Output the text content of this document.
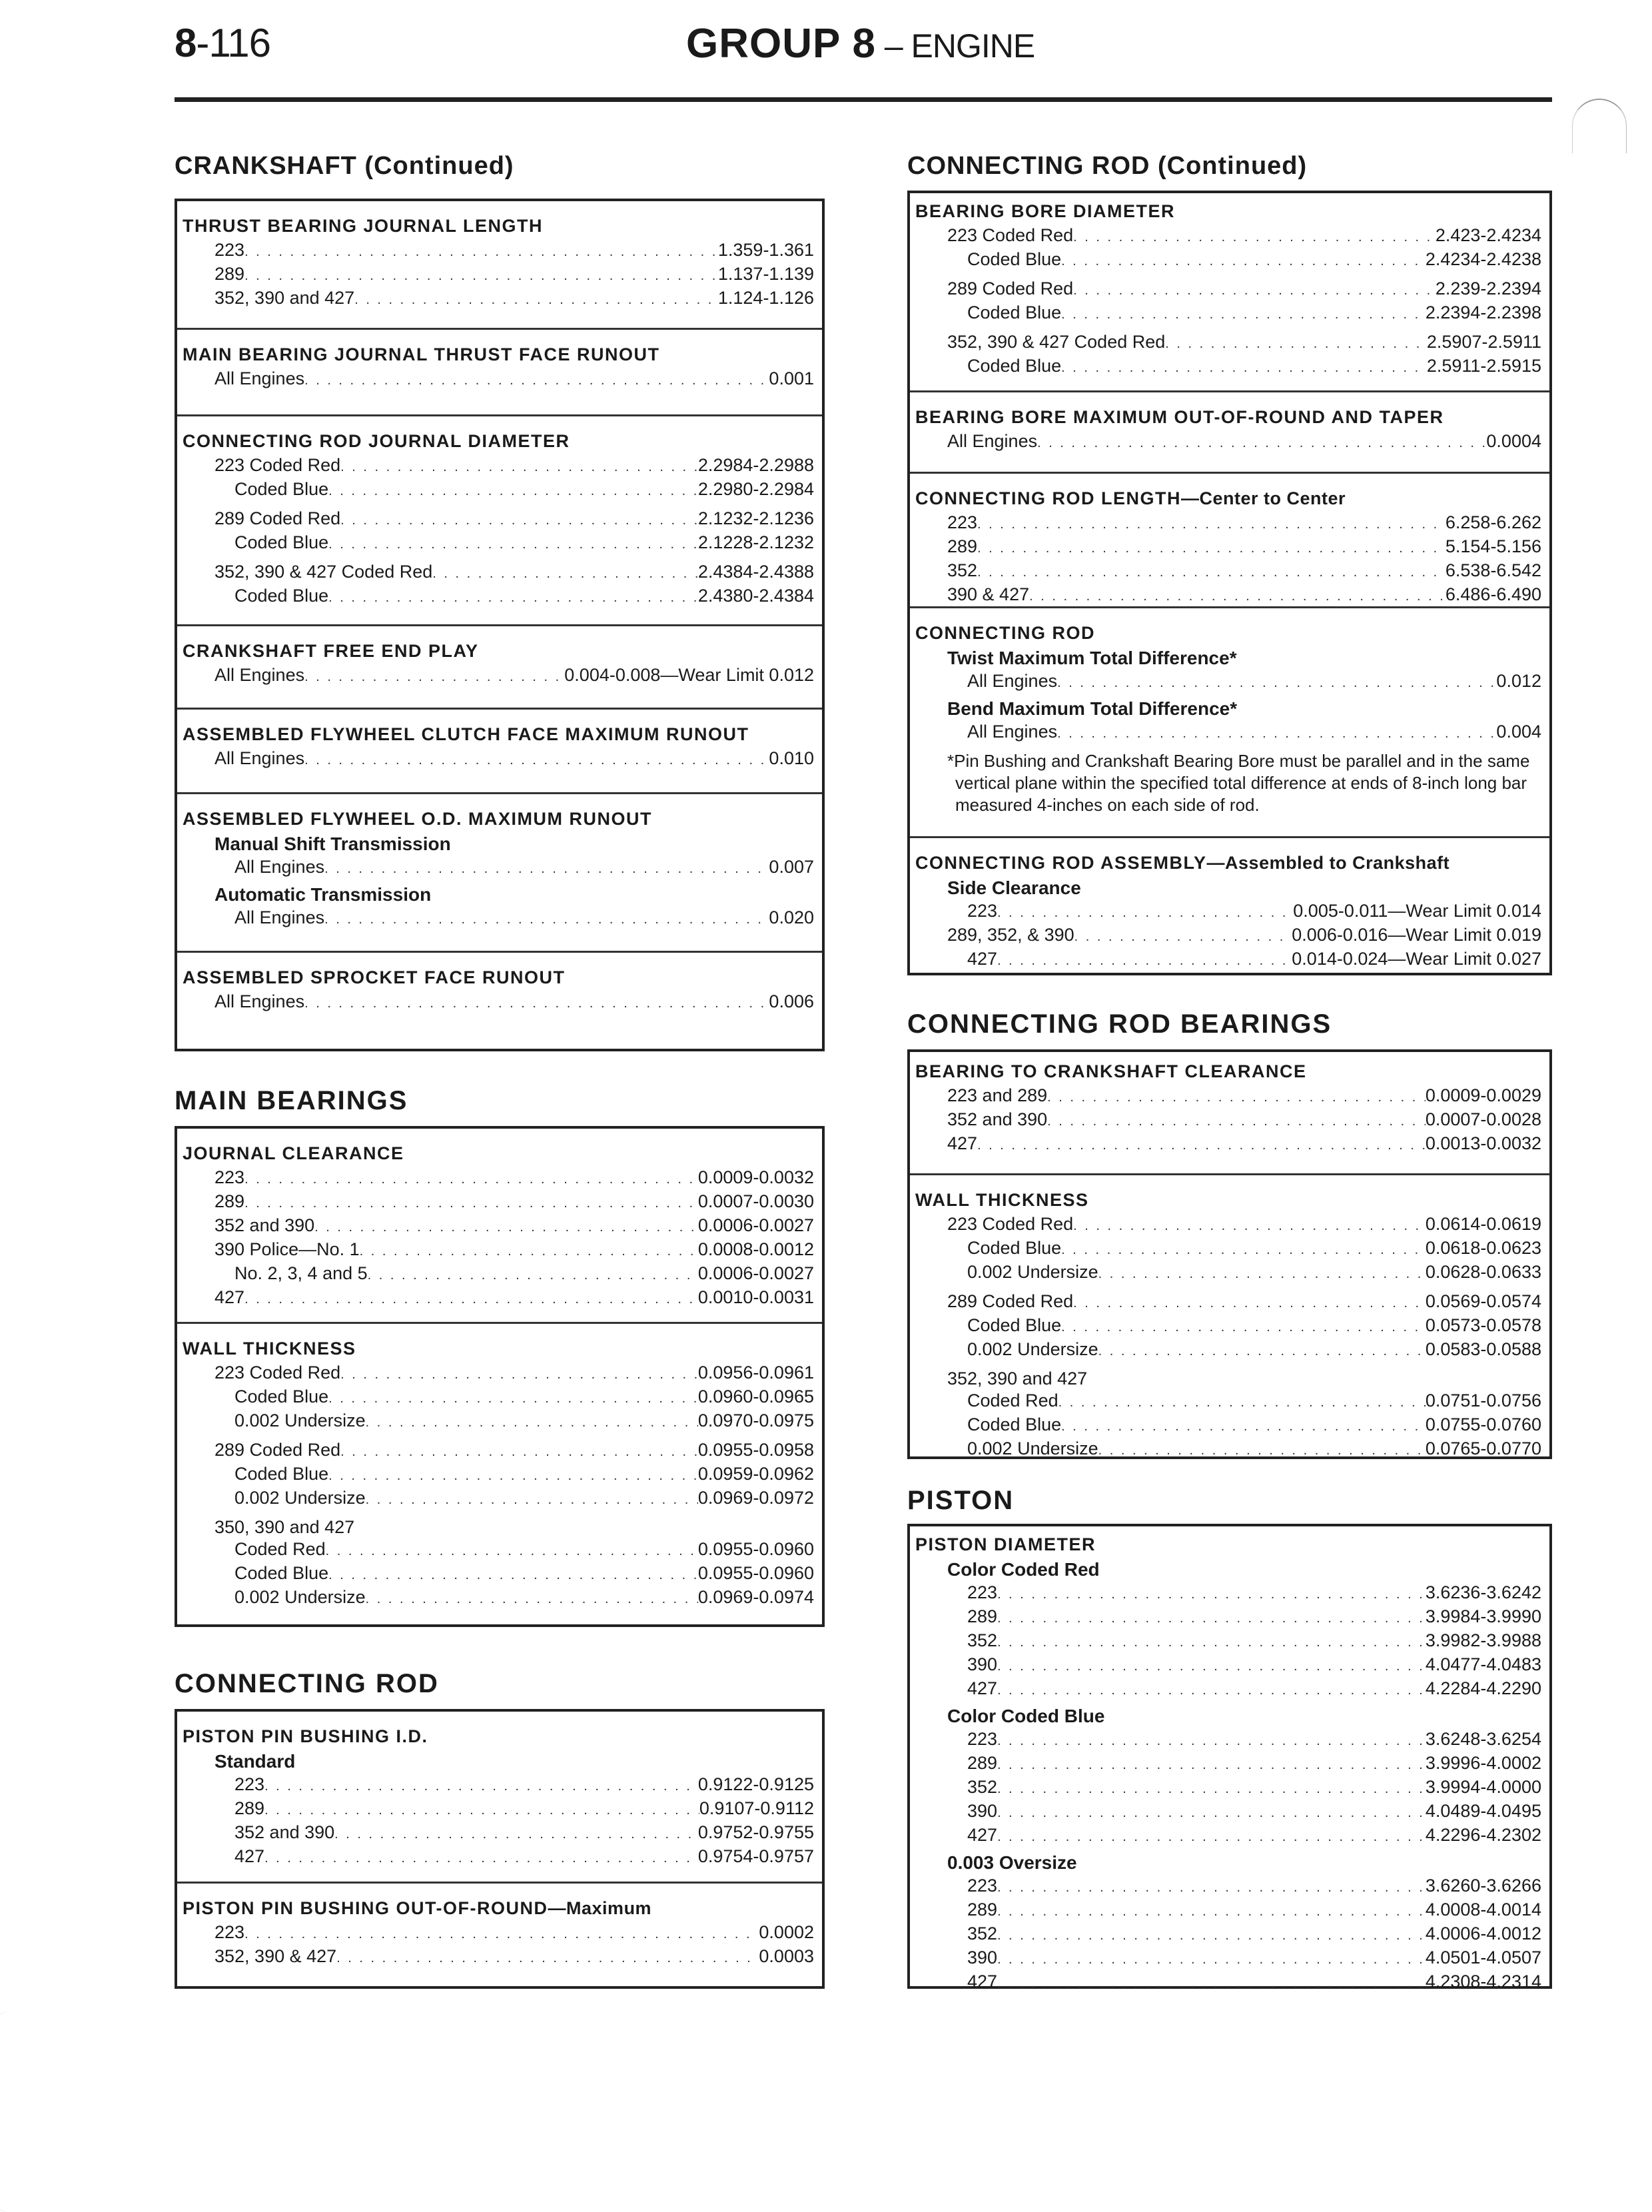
8-116	GROUP 8 – ENGINE
CRANKSHAFT (Continued)
THRUST BEARING JOURNAL LENGTH
223 . . .	1.359-1.361
289 . . .	1.137-1.139
352, 390 and 427 . . .	1.124-1.126
MAIN BEARING JOURNAL THRUST FACE RUNOUT
All Engines . . .	0.001
CONNECTING ROD JOURNAL DIAMETER
223 Coded Red . . .	2.2984-2.2988
Coded Blue . . .	2.2980-2.2984
289 Coded Red . . .	2.1232-2.1236
Coded Blue . . .	2.1228-2.1232
352, 390 & 427 Coded Red . . .	2.4384-2.4388
Coded Blue . . .	2.4380-2.4384
CRANKSHAFT FREE END PLAY
All Engines . . .	0.004-0.008—Wear Limit 0.012
ASSEMBLED FLYWHEEL CLUTCH FACE MAXIMUM RUNOUT
All Engines . . .	0.010
ASSEMBLED FLYWHEEL O.D. MAXIMUM RUNOUT
Manual Shift Transmission
All Engines . . .	0.007
Automatic Transmission
All Engines . . .	0.020
ASSEMBLED SPROCKET FACE RUNOUT
All Engines . . .	0.006
MAIN BEARINGS
JOURNAL CLEARANCE
223 . . .	0.0009-0.0032
289 . . .	0.0007-0.0030
352 and 390 . . .	0.0006-0.0027
390 Police—No. 1 . . .	0.0008-0.0012
No. 2, 3, 4 and 5 . . .	0.0006-0.0027
427 . . .	0.0010-0.0031
WALL THICKNESS
223 Coded Red . . .	0.0956-0.0961
Coded Blue . . .	0.0960-0.0965
0.002 Undersize . . .	0.0970-0.0975
289 Coded Red . . .	0.0955-0.0958
Coded Blue . . .	0.0959-0.0962
0.002 Undersize . . .	0.0969-0.0972
350, 390 and 427
Coded Red . . .	0.0955-0.0960
Coded Blue . . .	0.0955-0.0960
0.002 Undersize . . .	0.0969-0.0974
CONNECTING ROD
PISTON PIN BUSHING I.D.
Standard
223 . . .	0.9122-0.9125
289 . . .	0.9107-0.9112
352 and 390 . . .	0.9752-0.9755
427 . . .	0.9754-0.9757
PISTON PIN BUSHING OUT-OF-ROUND—Maximum
223 . . .	0.0002
352, 390 & 427 . . .	0.0003
CONNECTING ROD (Continued)
BEARING BORE DIAMETER
223 Coded Red . . .	2.423-2.4234
Coded Blue . . .	2.4234-2.4238
289 Coded Red . . .	2.239-2.2394
Coded Blue . . .	2.2394-2.2398
352, 390 & 427 Coded Red . . .	2.5907-2.5911
Coded Blue . . .	2.5911-2.5915
BEARING BORE MAXIMUM OUT-OF-ROUND AND TAPER
All Engines . . .	0.0004
CONNECTING ROD LENGTH—Center to Center
223 . . .	6.258-6.262
289 . . .	5.154-5.156
352 . . .	6.538-6.542
390 & 427 . . .	6.486-6.490
CONNECTING ROD
Twist Maximum Total Difference*
All Engines . . .	0.012
Bend Maximum Total Difference*
All Engines . . .	0.004
*Pin Bushing and Crankshaft Bearing Bore must be parallel and in the same vertical plane within the specified total difference at ends of 8-inch long bar measured 4-inches on each side of rod.
CONNECTING ROD ASSEMBLY—Assembled to Crankshaft
Side Clearance
223 . . .	0.005-0.011—Wear Limit 0.014
289, 352, & 390 . . .	0.006-0.016—Wear Limit 0.019
427 . . .	0.014-0.024—Wear Limit 0.027
CONNECTING ROD BEARINGS
BEARING TO CRANKSHAFT CLEARANCE
223 and 289 . . .	0.0009-0.0029
352 and 390 . . .	0.0007-0.0028
427 . . .	0.0013-0.0032
WALL THICKNESS
223 Coded Red . . .	0.0614-0.0619
Coded Blue . . .	0.0618-0.0623
0.002 Undersize . . .	0.0628-0.0633
289 Coded Red . . .	0.0569-0.0574
Coded Blue . . .	0.0573-0.0578
0.002 Undersize . . .	0.0583-0.0588
352, 390 and 427
Coded Red . . .	0.0751-0.0756
Coded Blue . . .	0.0755-0.0760
0.002 Undersize . . .	0.0765-0.0770
PISTON
PISTON DIAMETER
Color Coded Red
223 . . .	3.6236-3.6242
289 . . .	3.9984-3.9990
352 . . .	3.9982-3.9988
390 . . .	4.0477-4.0483
427 . . .	4.2284-4.2290
Color Coded Blue
223 . . .	3.6248-3.6254
289 . . .	3.9996-4.0002
352 . . .	3.9994-4.0000
390 . . .	4.0489-4.0495
427 . . .	4.2296-4.2302
0.003 Oversize
223 . . .	3.6260-3.6266
289 . . .	4.0008-4.0014
352 . . .	4.0006-4.0012
390 . . .	4.0501-4.0507
427 . . .	4.2308-4.2314
